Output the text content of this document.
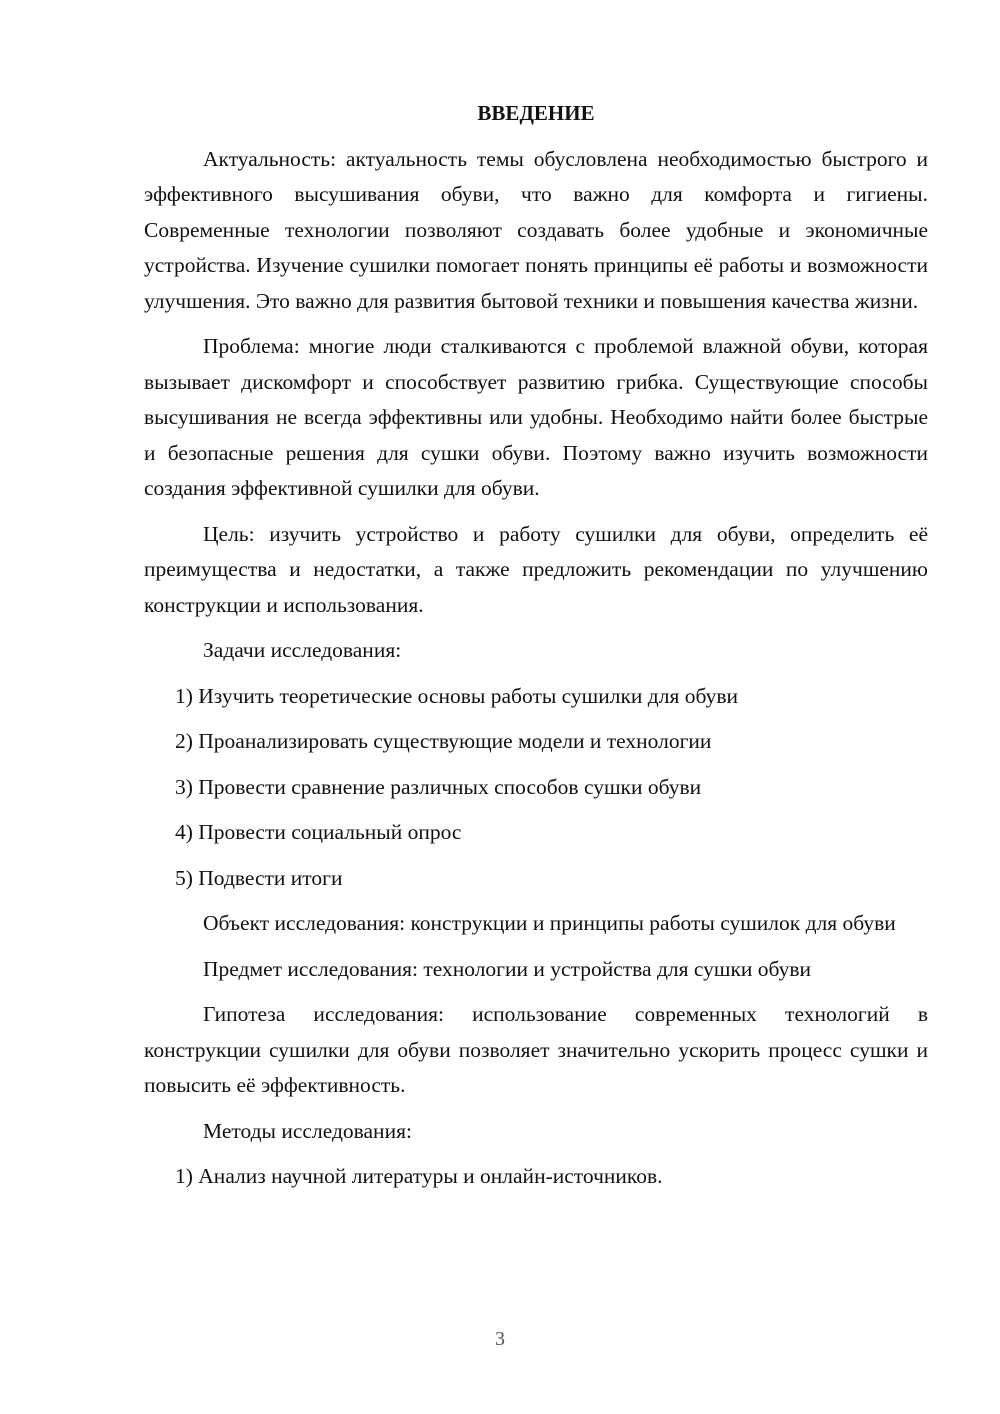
ВВЕДЕНИЕ
Актуальность: актуальность темы обусловлена необходимостью быстрого и эффективного высушивания обуви, что важно для комфорта и гигиены. Современные технологии позволяют создавать более удобные и экономичные устройства. Изучение сушилки помогает понять принципы её работы и возможности улучшения. Это важно для развития бытовой техники и повышения качества жизни.
Проблема: многие люди сталкиваются с проблемой влажной обуви, которая вызывает дискомфорт и способствует развитию грибка. Существующие способы высушивания не всегда эффективны или удобны. Необходимо найти более быстрые и безопасные решения для сушки обуви. Поэтому важно изучить возможности создания эффективной сушилки для обуви.
Цель: изучить устройство и работу сушилки для обуви, определить её преимущества и недостатки, а также предложить рекомендации по улучшению конструкции и использования.
Задачи исследования:
1) Изучить теоретические основы работы сушилки для обуви
2) Проанализировать существующие модели и технологии
3) Провести сравнение различных способов сушки обуви
4) Провести социальный опрос
5) Подвести итоги
Объект исследования: конструкции и принципы работы сушилок для обуви
Предмет исследования: технологии и устройства для сушки обуви
Гипотеза исследования: использование современных технологий в конструкции сушилки для обуви позволяет значительно ускорить процесс сушки и повысить её эффективность.
Методы исследования:
1) Анализ научной литературы и онлайн-источников.
3
